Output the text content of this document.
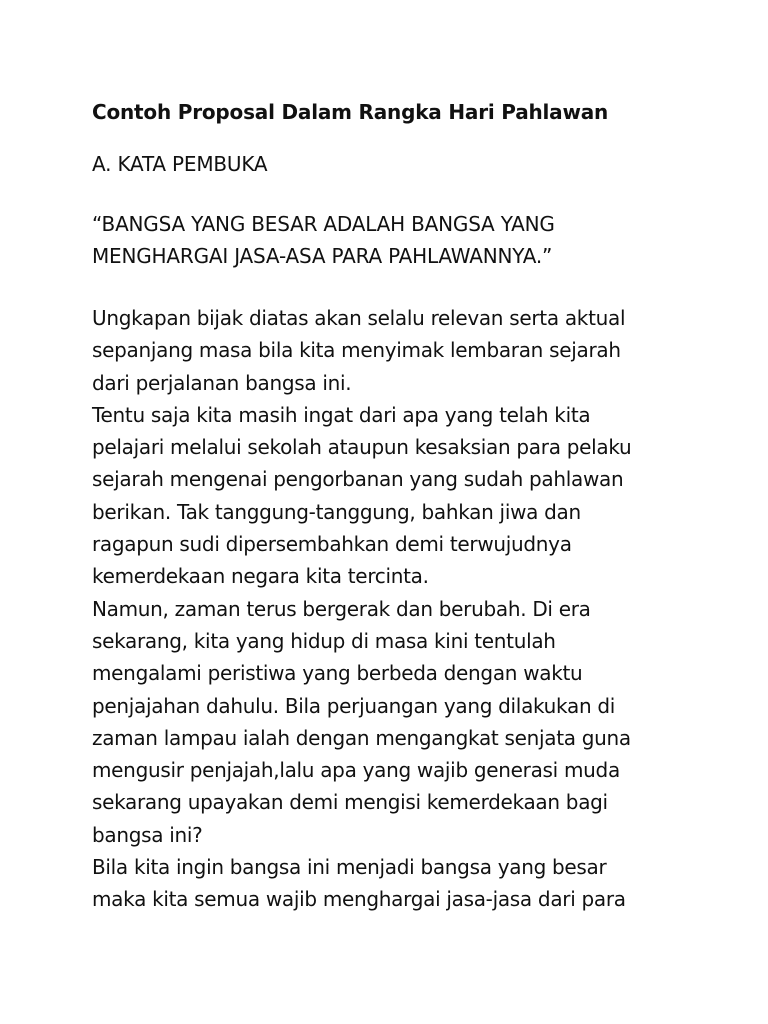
Contoh Proposal Dalam Rangka Hari Pahlawan

A. KATA PEMBUKA

“BANGSA YANG BESAR ADALAH BANGSA YANG
MENGHARGAI JASA-ASA PARA PAHLAWANNYA.”

Ungkapan bijak diatas akan selalu relevan serta aktual
sepanjang masa bila kita menyimak lembaran sejarah
dari perjalanan bangsa ini.

Tentu saja kita masih ingat dari apa yang telah kita
pelajari melalui sekolah ataupun kesaksian para pelaku
sejarah mengenai pengorbanan yang sudah pahlawan
berikan. Tak tanggung-tanggung, bahkan jiwa dan
ragapun sudi dipersembahkan demi terwujudnya
kemerdekaan negara kita tercinta.

Namun, zaman terus bergerak dan berubah. Di era
sekarang, kita yang hidup di masa kini tentulah
mengalami peristiwa yang berbeda dengan waktu
penjajahan dahulu. Bila perjuangan yang dilakukan di
zaman lampau ialah dengan mengangkat senjata guna
mengusir penjajah,lalu apa yang wajib generasi muda
sekarang upayakan demi mengisi kemerdekaan bagi
bangsa ini?

Bila kita ingin bangsa ini menjadi bangsa yang besar
maka kita semua wajib menghargai jasa-jasa dari para
